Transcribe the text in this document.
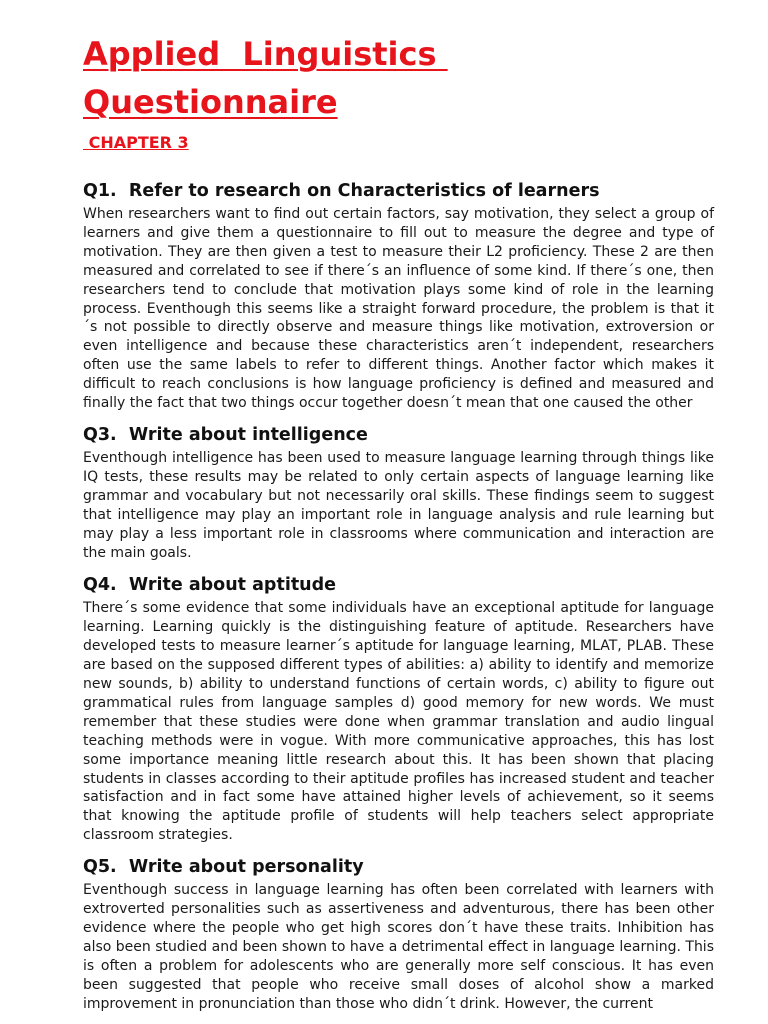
Applied  Linguistics
Questionnaire
CHAPTER 3
Q1.  Refer to research on Characteristics of learners

When researchers want to find out certain factors, say motivation, they select a group of learners and give them a questionnaire to fill out to measure the degree and type of motivation. They are then given a test to measure their L2 proficiency. These 2 are then measured and correlated to see if there´s an influence of some kind. If there´s one, then researchers tend to conclude that motivation plays some kind of role in the learning process. Eventhough this seems like a straight forward procedure, the problem is that it´s not possible to directly observe and measure things like motivation, extroversion or even intelligence and because these characteristics aren´t independent, researchers often use the same labels to refer to different things. Another factor which makes it difficult to reach conclusions is how language proficiency is defined and measured and finally the fact that two things occur together doesn´t mean that one caused the other

Q3.  Write about intelligence

Eventhough intelligence has been used to measure language learning through things like IQ tests, these results may be related to only certain aspects of language learning like grammar and vocabulary but not necessarily oral skills. These findings seem to suggest that intelligence may play an important role in language analysis and rule learning but may play a less important role in classrooms where communication and interaction are the main goals.

Q4.  Write about aptitude

There´s some evidence that some individuals have an exceptional aptitude for language learning. Learning quickly is the distinguishing feature of aptitude. Researchers have developed tests to measure learner´s aptitude for language learning, MLAT, PLAB. These are based on the supposed different types of abilities: a) ability to identify and memorize new sounds, b) ability to understand functions of certain words, c) ability to figure out grammatical rules from language samples d) good memory for new words. We must remember that these studies were done when grammar translation and audio lingual teaching methods were in vogue. With more communicative approaches, this has lost some importance meaning little research about this. It has been shown that placing students in classes according to their aptitude profiles has increased student and teacher satisfaction and in fact some have attained higher levels of achievement, so it seems that knowing the aptitude profile of students will help teachers select appropriate classroom strategies.

Q5.  Write about personality

Eventhough success in language learning has often been correlated with learners with extroverted personalities such as assertiveness and adventurous, there has been other evidence where the people who get high scores don´t have these traits. Inhibition has also been studied and been shown to have a detrimental effect in language learning. This is often a problem for adolescents who are generally more self conscious. It has even been suggested that people who receive small doses of alcohol show a marked improvement in pronunciation than those who didn´t drink. However, the current
